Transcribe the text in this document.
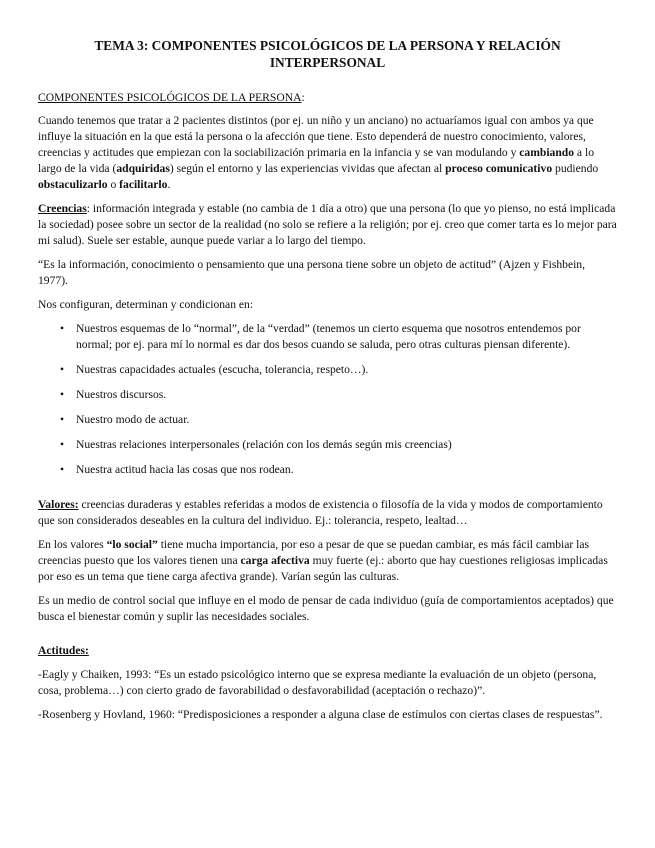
TEMA 3: COMPONENTES PSICOLÓGICOS DE LA PERSONA Y RELACIÓN
INTERPERSONAL

COMPONENTES PSICOLÓGICOS DE LA PERSONA:

Cuando tenemos que tratar a 2 pacientes distintos (por ej. un niño y un anciano) no actuaríamos igual con ambos ya que influye la situación en la que está la persona o la afección que tiene. Esto dependerá de nuestro conocimiento, valores, creencias y actitudes que empiezan con la sociabilización primaria en la infancia y se van modulando y cambiando a lo largo de la vida (adquiridas) según el entorno y las experiencias vividas que afectan al proceso comunicativo pudiendo obstaculizarlo o facilitarlo.

Creencias: información integrada y estable (no cambia de 1 día a otro) que una persona (lo que yo pienso, no está implicada la sociedad) posee sobre un sector de la realidad (no solo se refiere a la religión; por ej. creo que comer tarta es lo mejor para mi salud). Suele ser estable, aunque puede variar a lo largo del tiempo.

“Es la información, conocimiento o pensamiento que una persona tiene sobre un objeto de actitud” (Ajzen y Fishbein, 1977).

Nos configuran, determinan y condicionan en:

• Nuestros esquemas de lo “normal”, de la “verdad” (tenemos un cierto esquema que nosotros entendemos por normal; por ej. para mí lo normal es dar dos besos cuando se saluda, pero otras culturas piensan diferente).
• Nuestras capacidades actuales (escucha, tolerancia, respeto…).
• Nuestros discursos.
• Nuestro modo de actuar.
• Nuestras relaciones interpersonales (relación con los demás según mis creencias)
• Nuestra actitud hacia las cosas que nos rodean.

Valores: creencias duraderas y estables referidas a modos de existencia o filosofía de la vida y modos de comportamiento que son considerados deseables en la cultura del individuo. Ej.: tolerancia, respeto, lealtad…

En los valores “lo social” tiene mucha importancia, por eso a pesar de que se puedan cambiar, es más fácil cambiar las creencias puesto que los valores tienen una carga afectiva muy fuerte (ej.: aborto que hay cuestiones religiosas implicadas por eso es un tema que tiene carga afectiva grande). Varían según las culturas.

Es un medio de control social que influye en el modo de pensar de cada individuo (guía de comportamientos aceptados) que busca el bienestar común y suplir las necesidades sociales.

Actitudes:

-Eagly y Chaiken, 1993: “Es un estado psicológico interno que se expresa mediante la evaluación de un objeto (persona, cosa, problema…) con cierto grado de favorabilidad o desfavorabilidad (aceptación o rechazo)”.

-Rosenberg y Hovland, 1960: “Predisposiciones a responder a alguna clase de estímulos con ciertas clases de respuestas”.
